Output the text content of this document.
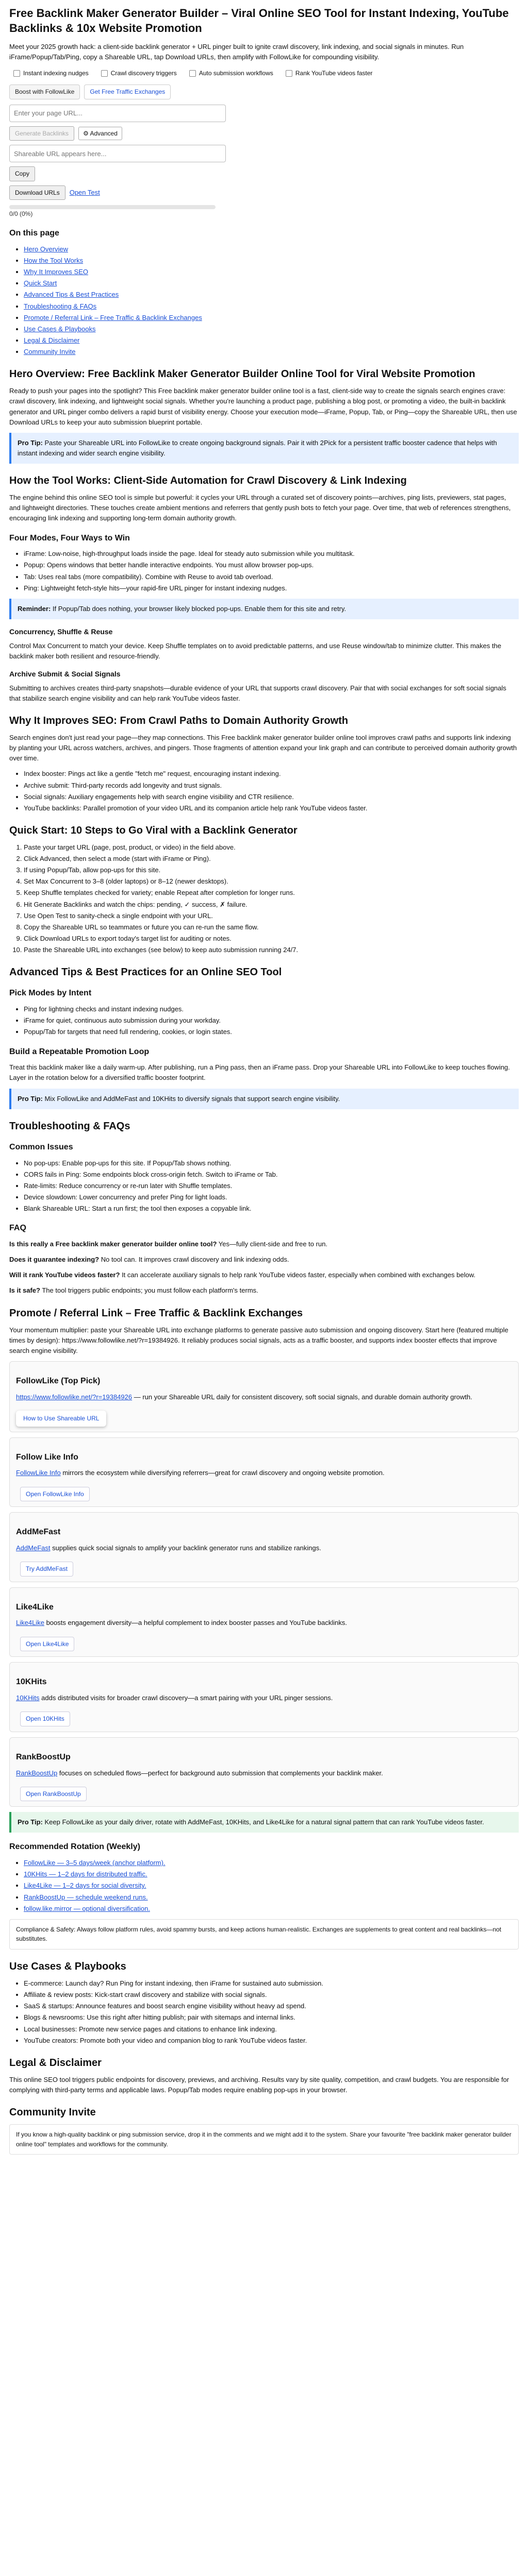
Free Backlink Maker Generator Builder – Viral Online SEO Tool for Instant Indexing, YouTube Backlinks & 10x Website Promotion

Meet your 2025 growth hack: a client-side backlink generator + URL pinger built to ignite crawl discovery, link indexing, and social signals in minutes. Run iFrame/Popup/Tab/Ping, copy a Shareable URL, tap Download URLs, then amplify with FollowLike for compounding visibility.

Instant indexing nudges	Crawl discovery triggers	Auto submission workflows	Rank YouTube videos faster
Boost with FollowLike	Get Free Traffic Exchanges
Enter your page URL...
Generate Backlinks	⚙ Advanced
Shareable URL appears here...
Copy
Download URLs	Open Test
0/0 (0%)
On this page
• Hero Overview
• How the Tool Works
• Why It Improves SEO
• Quick Start
• Advanced Tips & Best Practices
• Troubleshooting & FAQs
• Promote / Referral Link – Free Traffic & Backlink Exchanges
• Use Cases & Playbooks
• Legal & Disclaimer
• Community Invite
Hero Overview: Free Backlink Maker Generator Builder Online Tool for Viral Website Promotion

Ready to push your pages into the spotlight? This Free backlink maker generator builder online tool is a fast, client-side way to create the signals search engines crave: crawl discovery, link indexing, and lightweight social signals. Whether you're launching a product page, publishing a blog post, or promoting a video, the built-in backlink generator and URL pinger combo delivers a rapid burst of visibility energy. Choose your execution mode—iFrame, Popup, Tab, or Ping—copy the Shareable URL, then use Download URLs to keep your auto submission blueprint portable.

Pro Tip: Paste your Shareable URL into FollowLike to create ongoing background signals. Pair it with 2Pick for a persistent traffic booster cadence that helps with instant indexing and wider search engine visibility.
How the Tool Works: Client-Side Automation for Crawl Discovery & Link Indexing

The engine behind this online SEO tool is simple but powerful: it cycles your URL through a curated set of discovery points—archives, ping lists, previewers, stat pages, and lightweight directories. These touches create ambient mentions and referrers that gently push bots to fetch your page. Over time, that web of references strengthens, encouraging link indexing and supporting long-term domain authority growth.

Four Modes, Four Ways to Win
• iFrame: Low-noise, high-throughput loads inside the page. Ideal for steady auto submission while you multitask.
• Popup: Opens windows that better handle interactive endpoints. You must allow browser pop-ups.
• Tab: Uses real tabs (more compatibility). Combine with Reuse to avoid tab overload.
• Ping: Lightweight fetch-style hits—your rapid-fire URL pinger for instant indexing nudges.
Reminder: If Popup/Tab does nothing, your browser likely blocked pop-ups. Enable them for this site and retry.
Concurrency, Shuffle & Reuse

Control Max Concurrent to match your device. Keep Shuffle templates on to avoid predictable patterns, and use Reuse window/tab to minimize clutter. This makes the backlink maker both resilient and resource-friendly.

Archive Submit & Social Signals

Submitting to archives creates third-party snapshots—durable evidence of your URL that supports crawl discovery. Pair that with social exchanges for soft social signals that stabilize search engine visibility and can help rank YouTube videos faster.

Why It Improves SEO: From Crawl Paths to Domain Authority Growth

Search engines don't just read your page—they map connections. This Free backlink maker generator builder online tool improves crawl paths and supports link indexing by planting your URL across watchers, archives, and pingers. Those fragments of attention expand your link graph and can contribute to perceived domain authority growth over time.

• Index booster: Pings act like a gentle "fetch me" request, encouraging instant indexing.
• Archive submit: Third-party records add longevity and trust signals.
• Social signals: Auxiliary engagements help with search engine visibility and CTR resilience.
• YouTube backlinks: Parallel promotion of your video URL and its companion article help rank YouTube videos faster.
Quick Start: 10 Steps to Go Viral with a Backlink Generator
1. Paste your target URL (page, post, product, or video) in the field above.
2. Click Advanced, then select a mode (start with iFrame or Ping).
3. If using Popup/Tab, allow pop-ups for this site.
4. Set Max Concurrent to 3–8 (older laptops) or 8–12 (newer desktops).
5. Keep Shuffle templates checked for variety; enable Repeat after completion for longer runs.
6. Hit Generate Backlinks and watch the chips: pending, ✓ success, ✗ failure.
7. Use Open Test to sanity-check a single endpoint with your URL.
8. Copy the Shareable URL so teammates or future you can re-run the same flow.
9. Click Download URLs to export today's target list for auditing or notes.
10. Paste the Shareable URL into exchanges (see below) to keep auto submission running 24/7.
Advanced Tips & Best Practices for an Online SEO Tool
Pick Modes by Intent
• Ping for lightning checks and instant indexing nudges.
• iFrame for quiet, continuous auto submission during your workday.
• Popup/Tab for targets that need full rendering, cookies, or login states.
Build a Repeatable Promotion Loop

Treat this backlink maker like a daily warm-up. After publishing, run a Ping pass, then an iFrame pass. Drop your Shareable URL into FollowLike to keep touches flowing. Layer in the rotation below for a diversified traffic booster footprint.

Pro Tip: Mix FollowLike and AddMeFast and 10KHits to diversify signals that support search engine visibility.
Troubleshooting & FAQs
Common Issues
• No pop-ups: Enable pop-ups for this site. If Popup/Tab shows nothing.
• CORS fails in Ping: Some endpoints block cross-origin fetch. Switch to iFrame or Tab.
• Rate-limits: Reduce concurrency or re-run later with Shuffle templates.
• Device slowdown: Lower concurrency and prefer Ping for light loads.
• Blank Shareable URL: Start a run first; the tool then exposes a copyable link.
FAQ

Is this really a Free backlink maker generator builder online tool? Yes—fully client-side and free to run.

Does it guarantee indexing? No tool can. It improves crawl discovery and link indexing odds.

Will it rank YouTube videos faster? It can accelerate auxiliary signals to help rank YouTube videos faster, especially when combined with exchanges below.

Is it safe? The tool triggers public endpoints; you must follow each platform's terms.

Promote / Referral Link – Free Traffic & Backlink Exchanges

Your momentum multiplier: paste your Shareable URL into exchange platforms to generate passive auto submission and ongoing discovery. Start here (featured multiple times by design): https://www.followlike.net/?r=19384926. It reliably produces social signals, acts as a traffic booster, and supports index booster effects that improve search engine visibility.

FollowLike (Top Pick)

https://www.followlike.net/?r=19384926 — run your Shareable URL daily for consistent discovery, soft social signals, and durable domain authority growth.

How to Use Shareable URL
Follow Like Info

FollowLike Info mirrors the ecosystem while diversifying referrers—great for crawl discovery and ongoing website promotion.

Open FollowLike Info
AddMeFast

AddMeFast supplies quick social signals to amplify your backlink generator runs and stabilize rankings.

Try AddMeFast
Like4Like

Like4Like boosts engagement diversity—a helpful complement to index booster passes and YouTube backlinks.

Open Like4Like
10KHits

10KHits adds distributed visits for broader crawl discovery—a smart pairing with your URL pinger sessions.

Open 10KHits
RankBoostUp

RankBoostUp focuses on scheduled flows—perfect for background auto submission that complements your backlink maker.

Open RankBoostUp
Pro Tip: Keep FollowLike as your daily driver, rotate with AddMeFast, 10KHits, and Like4Like for a natural signal pattern that can rank YouTube videos faster.
Recommended Rotation (Weekly)
• FollowLike — 3–5 days/week (anchor platform).
• 10KHits — 1–2 days for distributed traffic.
• Like4Like — 1–2 days for social diversity.
• RankBoostUp — schedule weekend runs.
• follow.like.mirror — optional diversification.
Compliance & Safety: Always follow platform rules, avoid spammy bursts, and keep actions human-realistic. Exchanges are supplements to great content and real backlinks—not substitutes.
Use Cases & Playbooks
• E-commerce: Launch day? Run Ping for instant indexing, then iFrame for sustained auto submission.
• Affiliate & review posts: Kick-start crawl discovery and stabilize with social signals.
• SaaS & startups: Announce features and boost search engine visibility without heavy ad spend.
• Blogs & newsrooms: Use this right after hitting publish; pair with sitemaps and internal links.
• Local businesses: Promote new service pages and citations to enhance link indexing.
• YouTube creators: Promote both your video and companion blog to rank YouTube videos faster.
Legal & Disclaimer

This online SEO tool triggers public endpoints for discovery, previews, and archiving. Results vary by site quality, competition, and crawl budgets. You are responsible for complying with third-party terms and applicable laws. Popup/Tab modes require enabling pop-ups in your browser.

Community Invite
If you know a high-quality backlink or ping submission service, drop it in the comments and we might add it to the system. Share your favourite "free backlink maker generator builder online tool" templates and workflows for the community.
